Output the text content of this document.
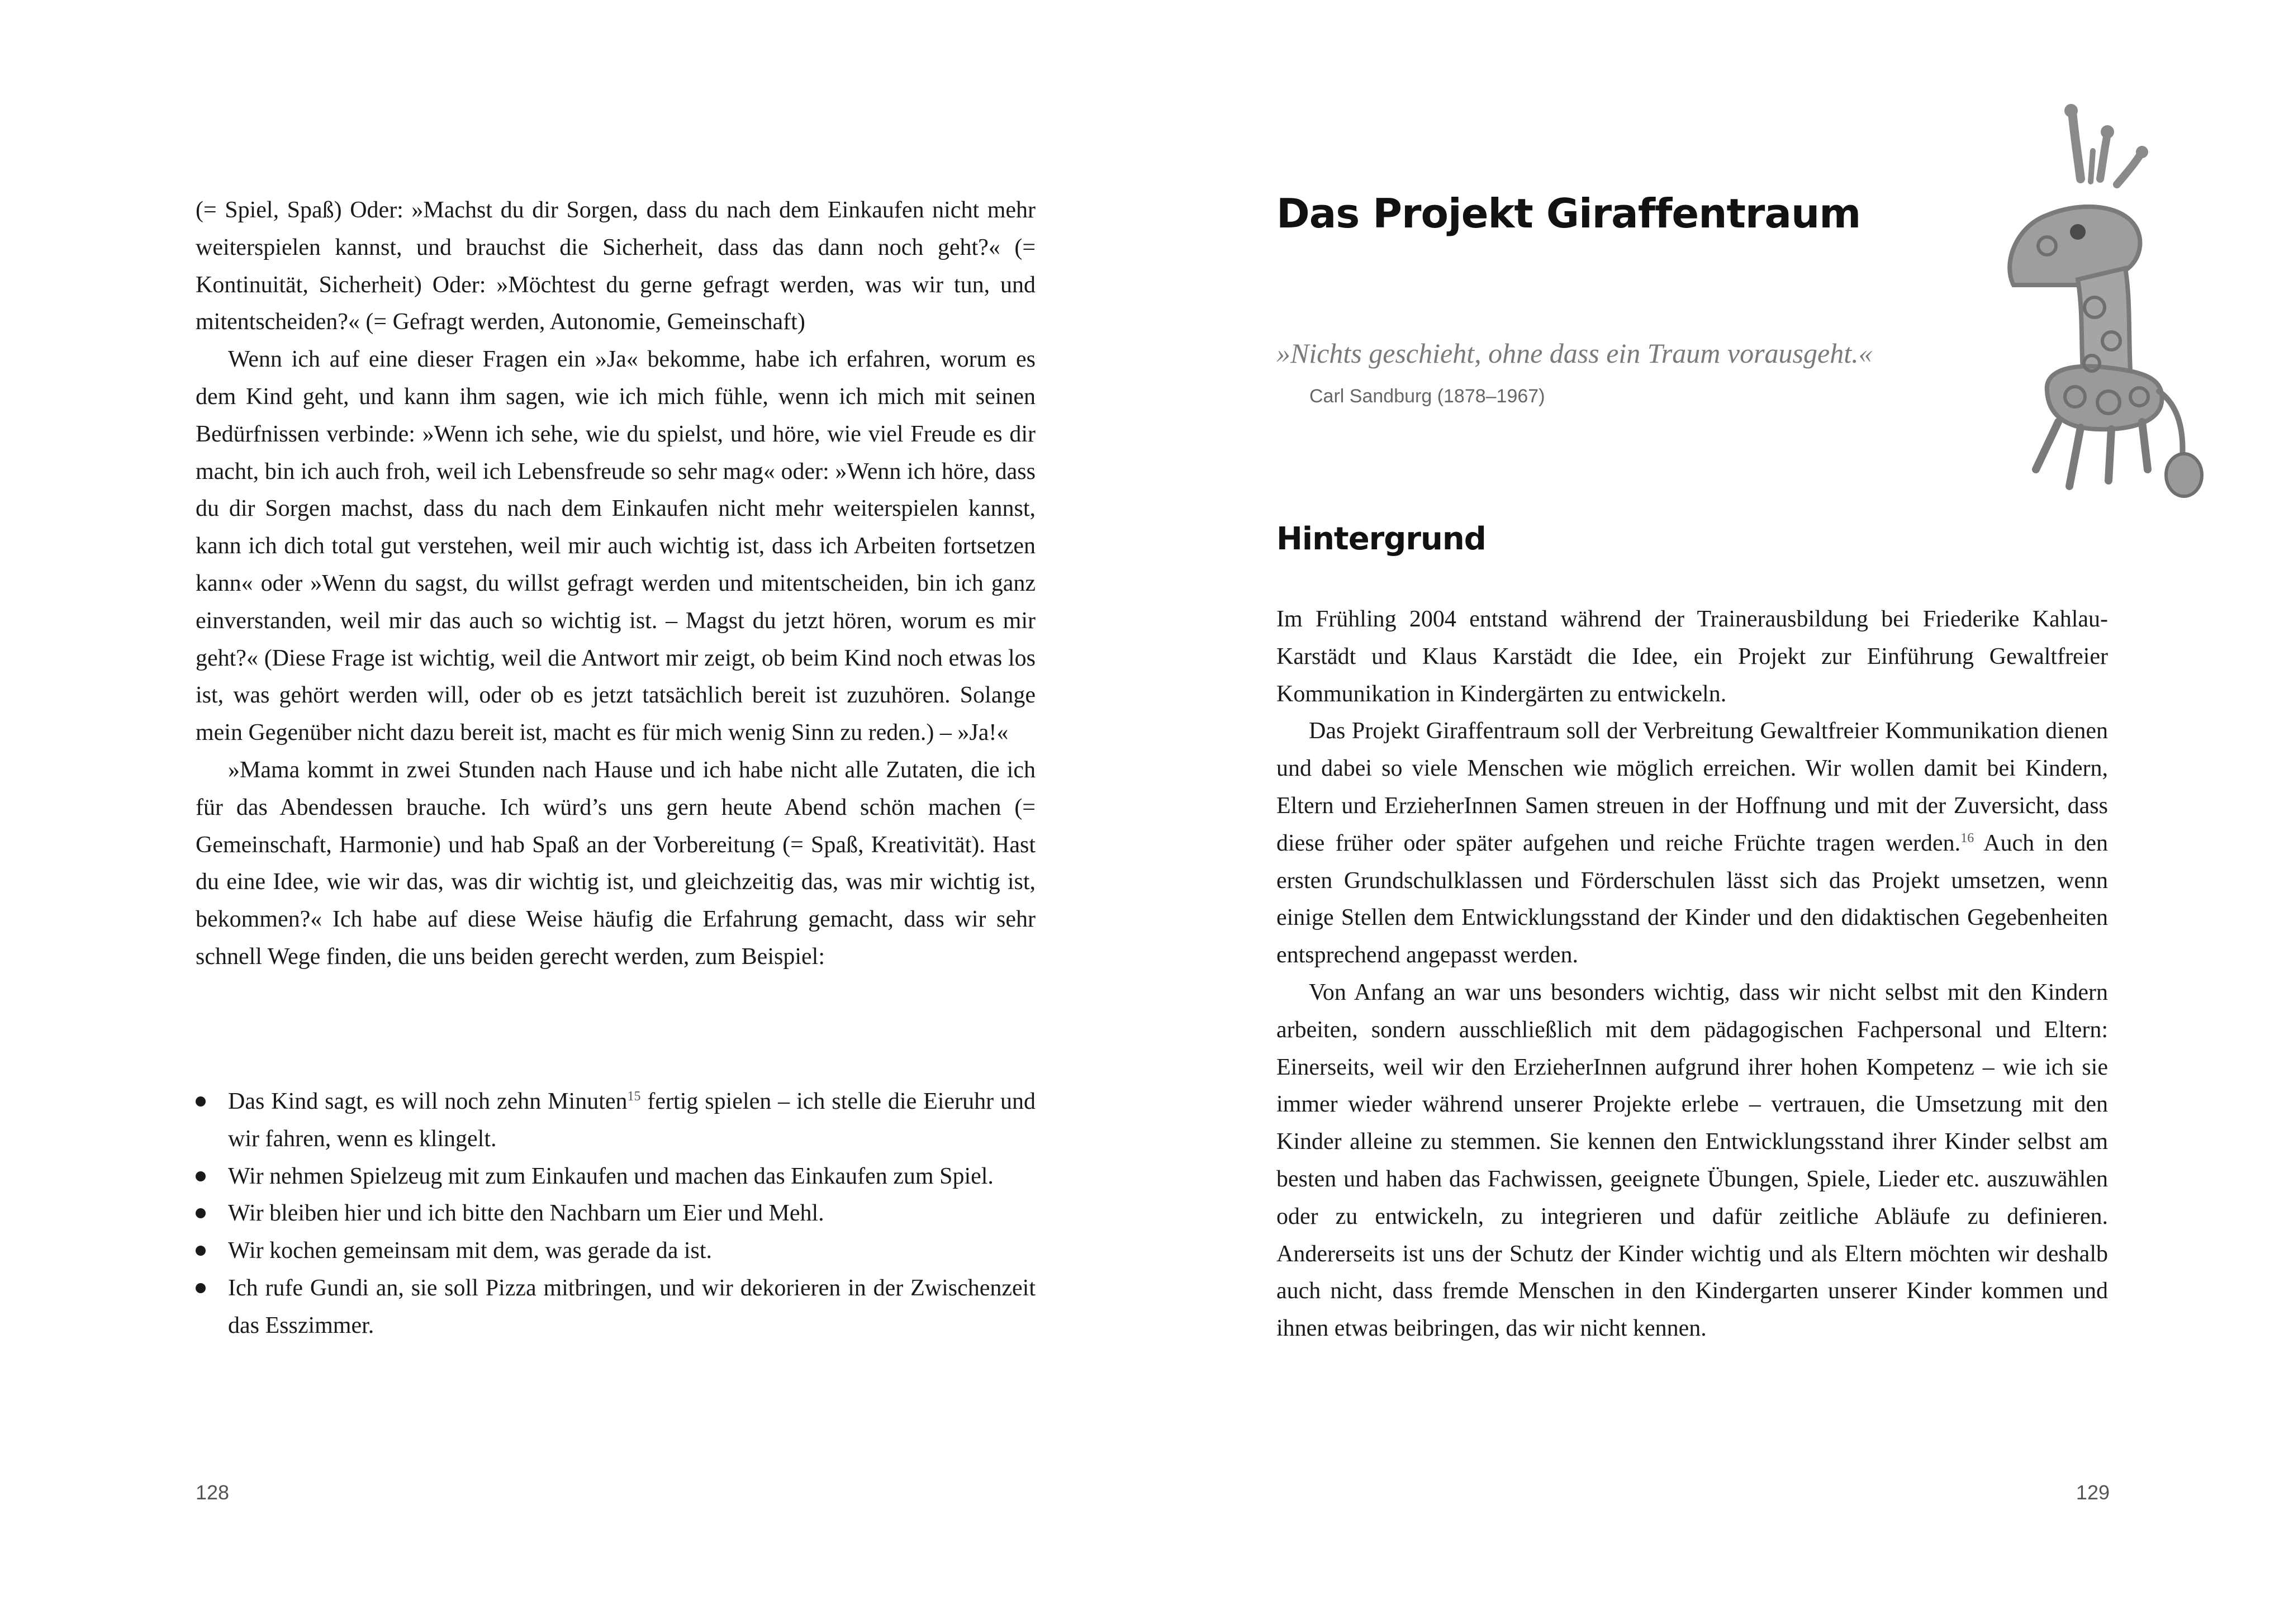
(= Spiel, Spaß) Oder: »Machst du dir Sorgen, dass du nach dem Einkaufen nicht mehr weiterspielen kannst, und brauchst die Sicherheit, dass das dann noch geht?« (= Kontinuität, Sicherheit) Oder: »Möchtest du gerne gefragt werden, was wir tun, und mitentscheiden?« (= Gefragt werden, Autonomie, Gemeinschaft)

Wenn ich auf eine dieser Fragen ein »Ja« bekomme, habe ich erfahren, worum es dem Kind geht, und kann ihm sagen, wie ich mich fühle, wenn ich mich mit seinen Bedürfnissen verbinde: »Wenn ich sehe, wie du spielst, und höre, wie viel Freude es dir macht, bin ich auch froh, weil ich Lebensfreude so sehr mag« oder: »Wenn ich höre, dass du dir Sorgen machst, dass du nach dem Einkaufen nicht mehr weiterspielen kannst, kann ich dich total gut verstehen, weil mir auch wichtig ist, dass ich Arbeiten fortsetzen kann« oder »Wenn du sagst, du willst gefragt werden und mitentscheiden, bin ich ganz einverstanden, weil mir das auch so wichtig ist. – Magst du jetzt hören, worum es mir geht?« (Diese Frage ist wichtig, weil die Antwort mir zeigt, ob beim Kind noch etwas los ist, was gehört werden will, oder ob es jetzt tatsächlich bereit ist zuzuhören. Solange mein Gegenüber nicht dazu bereit ist, macht es für mich wenig Sinn zu reden.) – »Ja!«

»Mama kommt in zwei Stunden nach Hause und ich habe nicht alle Zutaten, die ich für das Abendessen brauche. Ich würd’s uns gern heute Abend schön machen (= Gemeinschaft, Harmonie) und hab Spaß an der Vorbereitung (= Spaß, Kreativität). Hast du eine Idee, wie wir das, was dir wichtig ist, und gleichzeitig das, was mir wichtig ist, bekommen?« Ich habe auf diese Weise häufig die Erfahrung gemacht, dass wir sehr schnell Wege finden, die uns beiden gerecht werden, zum Beispiel:

Das Kind sagt, es will noch zehn Minuten$^{15}$ fertig spielen – ich stelle die Eieruhr und wir fahren, wenn es klingelt.
Wir nehmen Spielzeug mit zum Einkaufen und machen das Einkaufen zum Spiel.
Wir bleiben hier und ich bitte den Nachbarn um Eier und Mehl.
Wir kochen gemeinsam mit dem, was gerade da ist.
Ich rufe Gundi an, sie soll Pizza mitbringen, und wir dekorieren in der Zwischenzeit das Esszimmer.
128
Das Projekt Giraffentraum

»Nichts geschieht, ohne dass ein Traum vorausgeht.«

Carl Sandburg (1878–1967)

Hintergrund

Im Frühling 2004 entstand während der Trainerausbildung bei Friederike Kahlau-Karstädt und Klaus Karstädt die Idee, ein Projekt zur Einführung Gewaltfreier Kommunikation in Kindergärten zu entwickeln.

Das Projekt Giraffentraum soll der Verbreitung Gewaltfreier Kommunikation dienen und dabei so viele Menschen wie möglich erreichen. Wir wollen damit bei Kindern, Eltern und ErzieherInnen Samen streuen in der Hoffnung und mit der Zuversicht, dass diese früher oder später aufgehen und reiche Früchte tragen werden.$^{16}$ Auch in den ersten Grundschulklassen und Förderschulen lässt sich das Projekt umsetzen, wenn einige Stellen dem Entwicklungsstand der Kinder und den didaktischen Gegebenheiten entsprechend angepasst werden.

Von Anfang an war uns besonders wichtig, dass wir nicht selbst mit den Kindern arbeiten, sondern ausschließlich mit dem pädagogischen Fachpersonal und Eltern: Einerseits, weil wir den ErzieherInnen aufgrund ihrer hohen Kompetenz – wie ich sie immer wieder während unserer Projekte erlebe – vertrauen, die Umsetzung mit den Kinder alleine zu stemmen. Sie kennen den Entwicklungsstand ihrer Kinder selbst am besten und haben das Fachwissen, geeignete Übungen, Spiele, Lieder etc. auszuwählen oder zu entwickeln, zu integrieren und dafür zeitliche Abläufe zu definieren. Andererseits ist uns der Schutz der Kinder wichtig und als Eltern möchten wir deshalb auch nicht, dass fremde Menschen in den Kindergarten unserer Kinder kommen und ihnen etwas beibringen, das wir nicht kennen.

129
